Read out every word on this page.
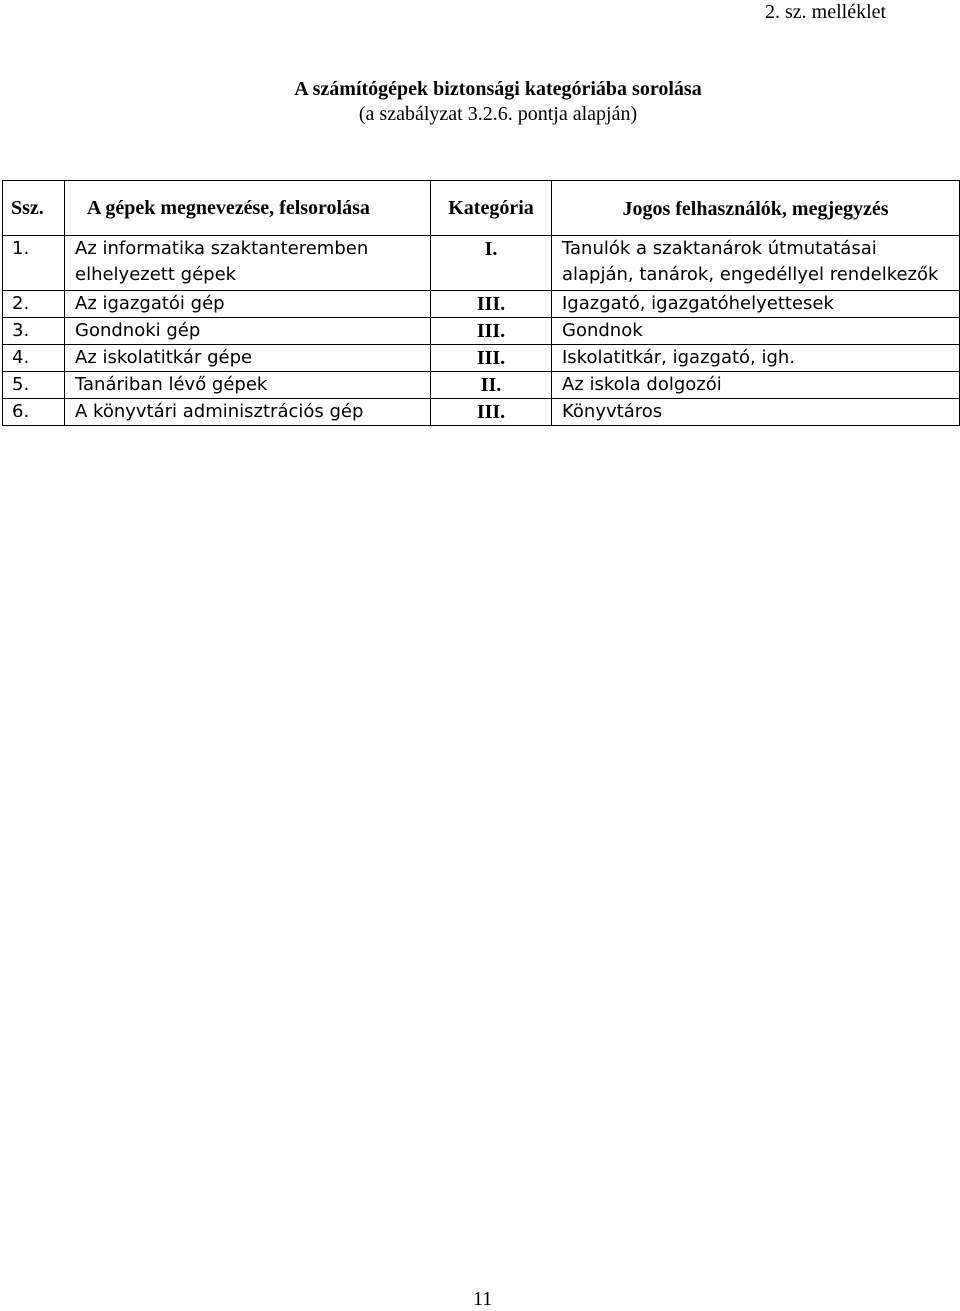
2. sz. melléklet
A számítógépek biztonsági kategóriába sorolása
(a szabályzat 3.2.6. pontja alapján)
Ssz.	A gépek megnevezése, felsorolása	Kategória	Jogos felhasználók, megjegyzés
1.	Az informatika szaktanteremben elhelyezett gépek	I.	Tanulók a szaktanárok útmutatásai alapján, tanárok, engedéllyel rendelkezők
2.	Az igazgatói gép	III.	Igazgató, igazgatóhelyettesek
3.	Gondnoki gép	III.	Gondnok
4.	Az iskolatitkár gépe	III.	Iskolatitkár, igazgató, igh.
5.	Tanáriban lévő gépek	II.	Az iskola dolgozói
6.	A könyvtári adminisztrációs gép	III.	Könyvtáros
11
